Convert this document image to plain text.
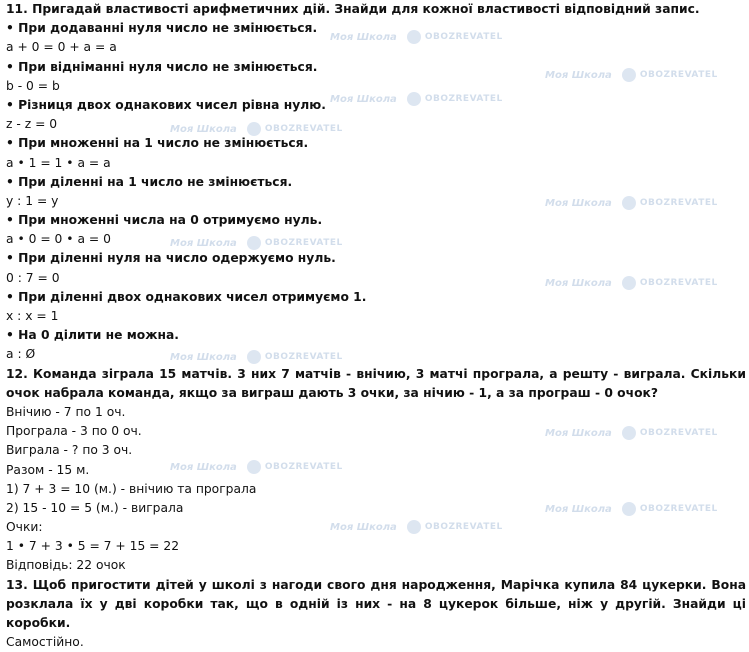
Моя Школа	OBOZREVATEL
Моя Школа	OBOZREVATEL
Моя Школа	OBOZREVATEL
Моя Школа	OBOZREVATEL
Моя Школа	OBOZREVATEL
Моя Школа	OBOZREVATEL
Моя Школа	OBOZREVATEL
Моя Школа	OBOZREVATEL
Моя Школа	OBOZREVATEL
Моя Школа	OBOZREVATEL
Моя Школа	OBOZREVATEL
Моя Школа	OBOZREVATEL
11. Пригадай властивості арифметичних дій. Знайди для кожної властивості відповідний запис.
• При додаванні нуля число не змінюється.
a + 0 = 0 + a = a
• При відніманні нуля число не змінюється.
b - 0 = b
• Різниця двох однакових чисел рівна нулю.
z - z = 0
• При множенні на 1 число не змінюється.
a • 1 = 1 • a = a
• При діленні на 1 число не змінюється.
y : 1 = y
• При множенні числа на 0 отримуємо нуль.
a • 0 = 0 • a = 0
• При діленні нуля на число одержуємо нуль.
0 : 7 = 0
• При діленні двох однакових чисел отримуємо 1.
x : x = 1
• На 0 ділити не можна.
a : Ø
12. Команда зіграла 15 матчів. 3 них 7 матчів - внічию, 3 матчі програла, а решту - виграла. Скільки очок набрала команда, якщо за виграш дають 3 очки, за нічию - 1, а за програш - 0 очок?
Внічию - 7 по 1 оч.
Програла - 3 по 0 оч.
Виграла - ? по 3 оч.
Разом - 15 м.
1) 7 + 3 = 10 (м.) - внічию та програла
2) 15 - 10 = 5 (м.) - виграла
Очки:
1 • 7 + 3 • 5 = 7 + 15 = 22
Відповідь: 22 очок
13. Щоб пригостити дітей у школі з нагоди свого дня народження, Марічка купила 84 цукерки. Вона розклала їх у дві коробки так, що в одній із них - на 8 цукерок більше, ніж у другій. Знайди ці коробки.
Самостійно.
